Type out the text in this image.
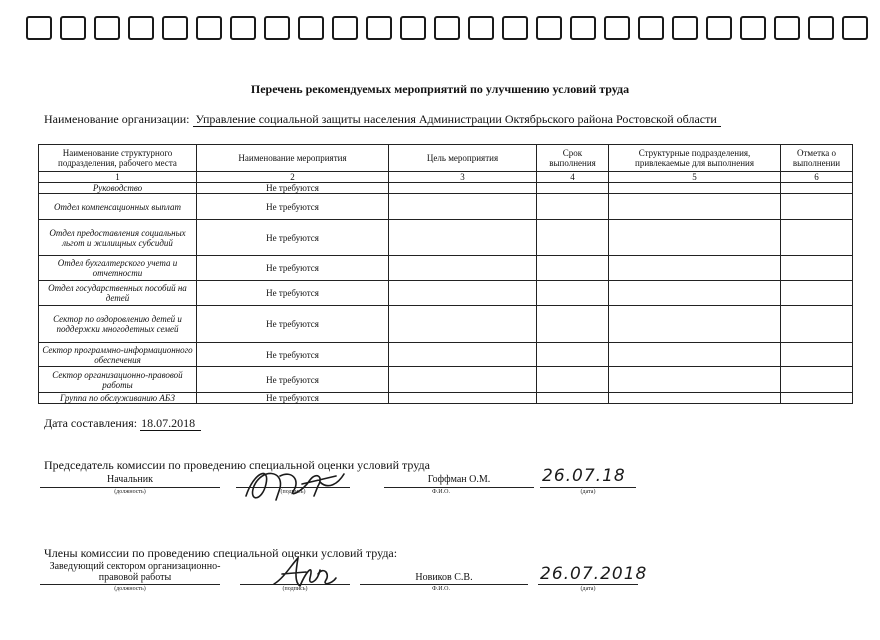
Перечень рекомендуемых мероприятий по улучшению условий труда
Наименование организации: Управление социальной защиты населения Администрации Октябрьского района Ростовской области
Наименование структурного подразделения, рабочего места	Наименование мероприятия	Цель мероприятия	Срок выполнения	Структурные подразделения, привлекаемые для выполнения	Отметка о выполнении
1	2	3	4	5	6
Руководство	Не требуются				
Отдел компенсационных выплат	Не требуются				
Отдел предоставления социальных льгот и жилищных субсидий	Не требуются				
Отдел бухгалтерского учета и отчетности	Не требуются				
Отдел государственных пособий на детей	Не требуются				
Сектор по оздоровлению детей и поддержки многодетных семей	Не требуются				
Сектор программно-информационного обеспечения	Не требуются				
Сектор организационно-правовой работы	Не требуются				
Группа по обслуживанию АБЗ	Не требуются				
Дата составления: 18.07.2018
Председатель комиссии по проведению специальной оценки условий труда
Начальник
(должность)	(подпись)
Гоффман О.М.
Ф.И.О.
26.07.18
(дата)
Члены комиссии по проведению специальной оценки условий труда:
Заведующий сектором организационно-правовой работы
(должность)	(подпись)
Новиков С.В.
Ф.И.О.
26.07.2018
(дата)
